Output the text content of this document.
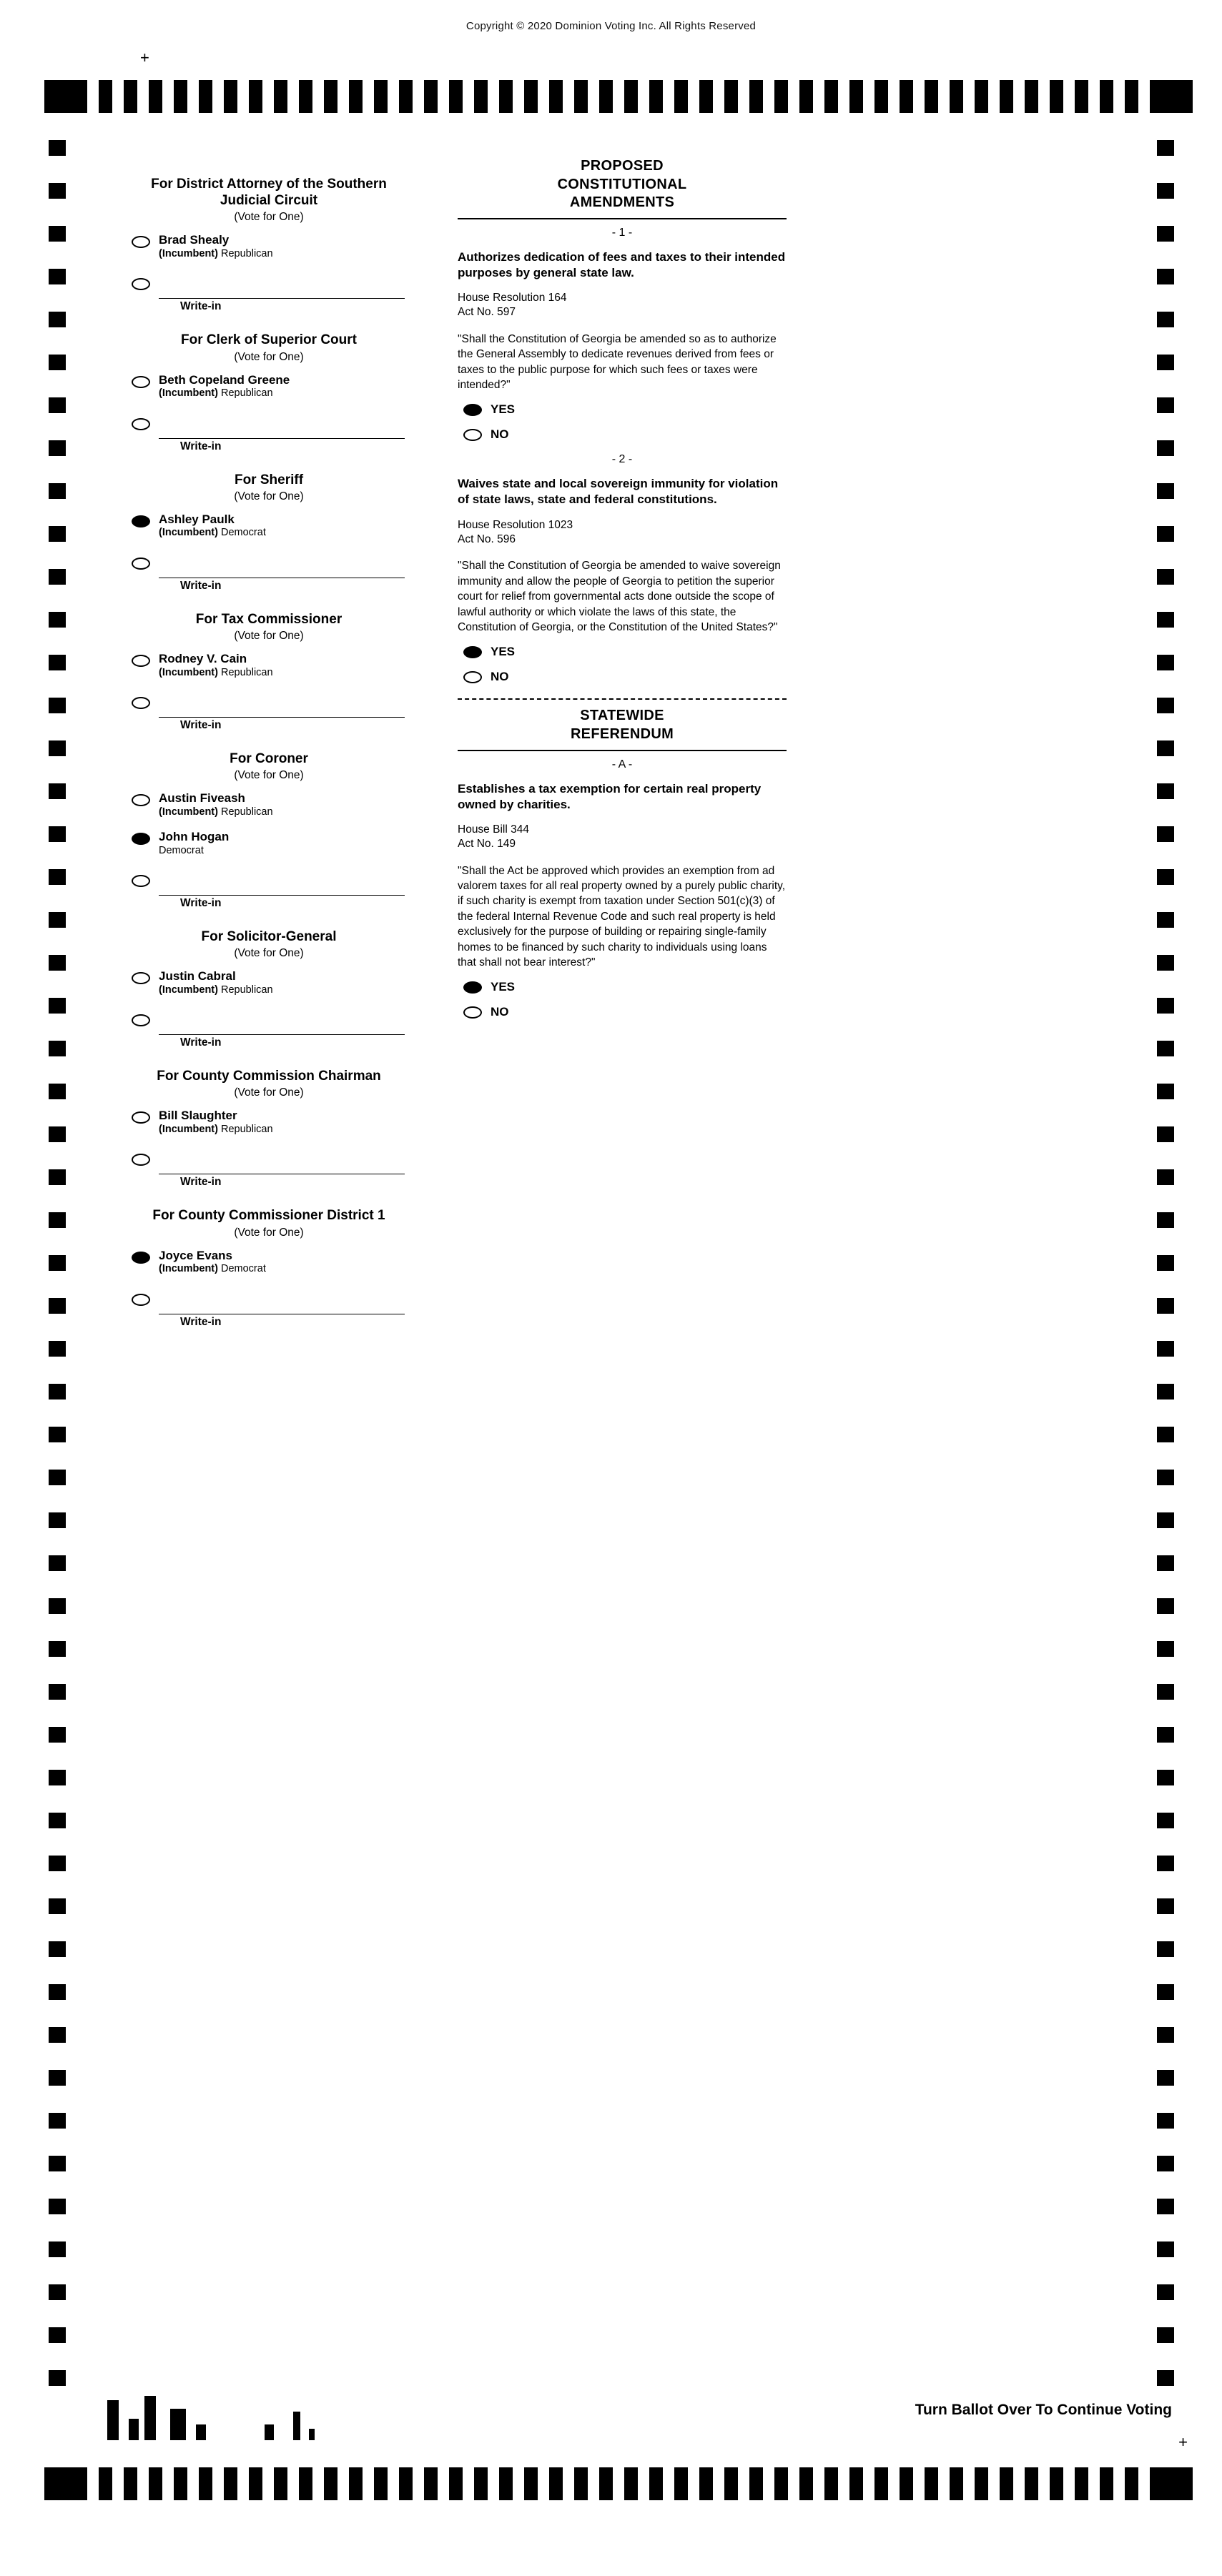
Copyright © 2020 Dominion Voting Inc. All Rights Reserved
+
For District Attorney of the Southern Judicial Circuit
(Vote for One)
Brad Shealy
(Incumbent) Republican
Write-in
For Clerk of Superior Court
(Vote for One)
Beth Copeland Greene
(Incumbent) Republican
Write-in
For Sheriff
(Vote for One)
Ashley Paulk
(Incumbent) Democrat
Write-in
For Tax Commissioner
(Vote for One)
Rodney V. Cain
(Incumbent) Republican
Write-in
For Coroner
(Vote for One)
Austin Fiveash
(Incumbent) Republican
John Hogan
Democrat
Write-in
For Solicitor-General
(Vote for One)
Justin Cabral
(Incumbent) Republican
Write-in
For County Commission Chairman
(Vote for One)
Bill Slaughter
(Incumbent) Republican
Write-in
For County Commissioner District 1
(Vote for One)
Joyce Evans
(Incumbent) Democrat
Write-in
PROPOSED
CONSTITUTIONAL
AMENDMENTS
- 1 -
Authorizes dedication of fees and taxes to their intended purposes by general state law.
House Resolution 164
Act No. 597
"Shall the Constitution of Georgia be amended so as to authorize the General Assembly to dedicate revenues derived from fees or taxes to the public purpose for which such fees or taxes were intended?"
YES
NO
- 2 -
Waives state and local sovereign immunity for violation of state laws, state and federal constitutions.
House Resolution 1023
Act No. 596
"Shall the Constitution of Georgia be amended to waive sovereign immunity and allow the people of Georgia to petition the superior court for relief from governmental acts done outside the scope of lawful authority or which violate the laws of this state, the Constitution of Georgia, or the Constitution of the United States?"
YES
NO
STATEWIDE
REFERENDUM
- A -
Establishes a tax exemption for certain real property owned by charities.
House Bill 344
Act No. 149
"Shall the Act be approved which provides an exemption from ad valorem taxes for all real property owned by a purely public charity, if such charity is exempt from taxation under Section 501(c)(3) of the federal Internal Revenue Code and such real property is held exclusively for the purpose of building or repairing single-family homes to be financed by such charity to individuals using loans that shall not bear interest?"
YES
NO
Turn Ballot Over To Continue Voting
+
